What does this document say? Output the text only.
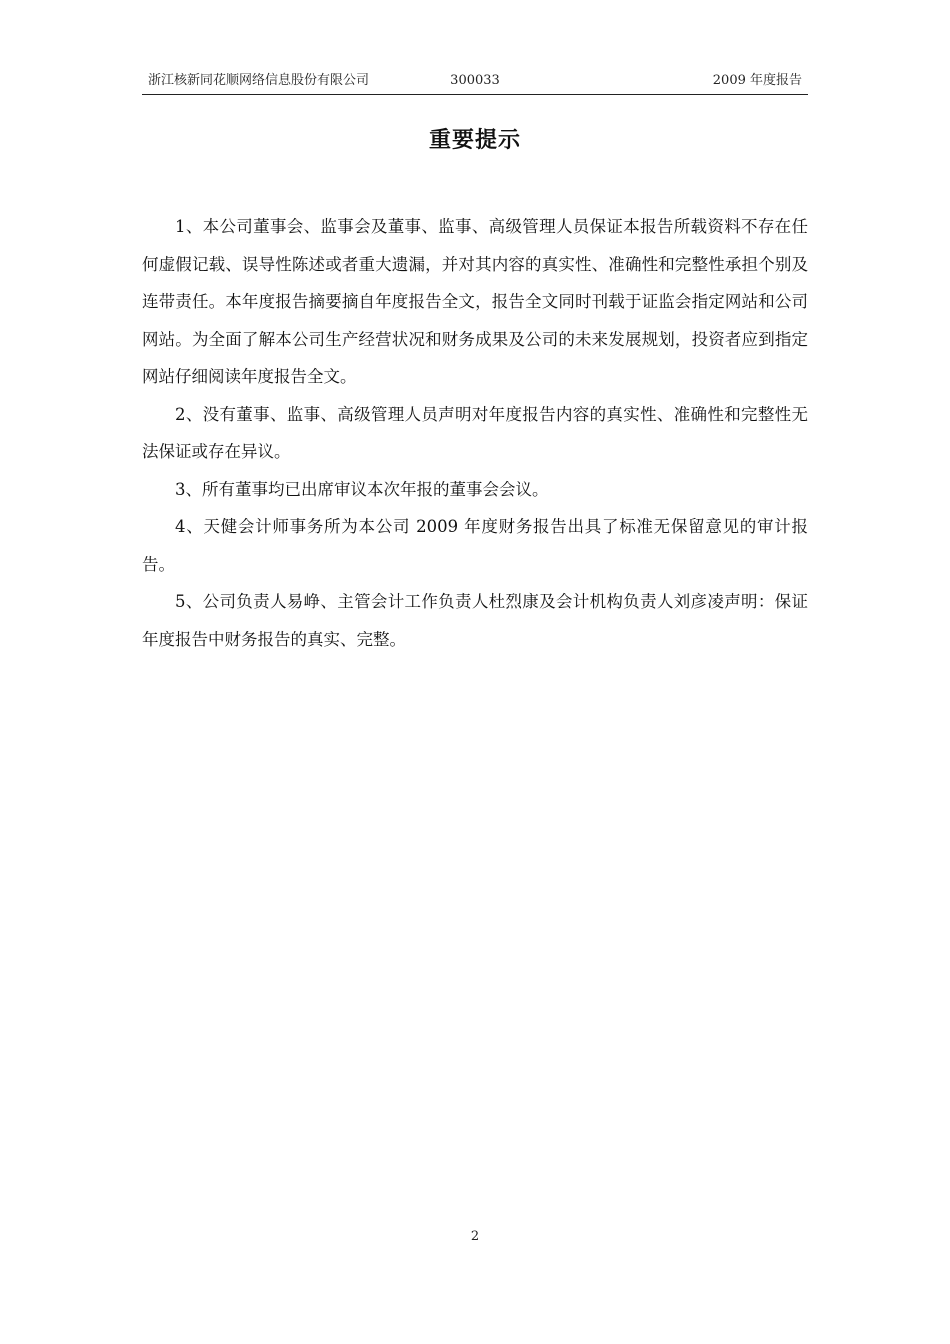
浙江核新同花顺网络信息股份有限公司	300033	2009 年度报告
重要提示

1、本公司董事会、监事会及董事、监事、高级管理人员保证本报告所载资料不存在任何虚假记载、误导性陈述或者重大遗漏，并对其内容的真实性、准确性和完整性承担个别及连带责任。本年度报告摘要摘自年度报告全文，报告全文同时刊载于证监会指定网站和公司网站。为全面了解本公司生产经营状况和财务成果及公司的未来发展规划，投资者应到指定网站仔细阅读年度报告全文。

2、没有董事、监事、高级管理人员声明对年度报告内容的真实性、准确性和完整性无法保证或存在异议。

3、所有董事均已出席审议本次年报的董事会会议。

4、天健会计师事务所为本公司 2009 年度财务报告出具了标准无保留意见的审计报告。

5、公司负责人易峥、主管会计工作负责人杜烈康及会计机构负责人刘彦凌声明：保证年度报告中财务报告的真实、完整。

2
